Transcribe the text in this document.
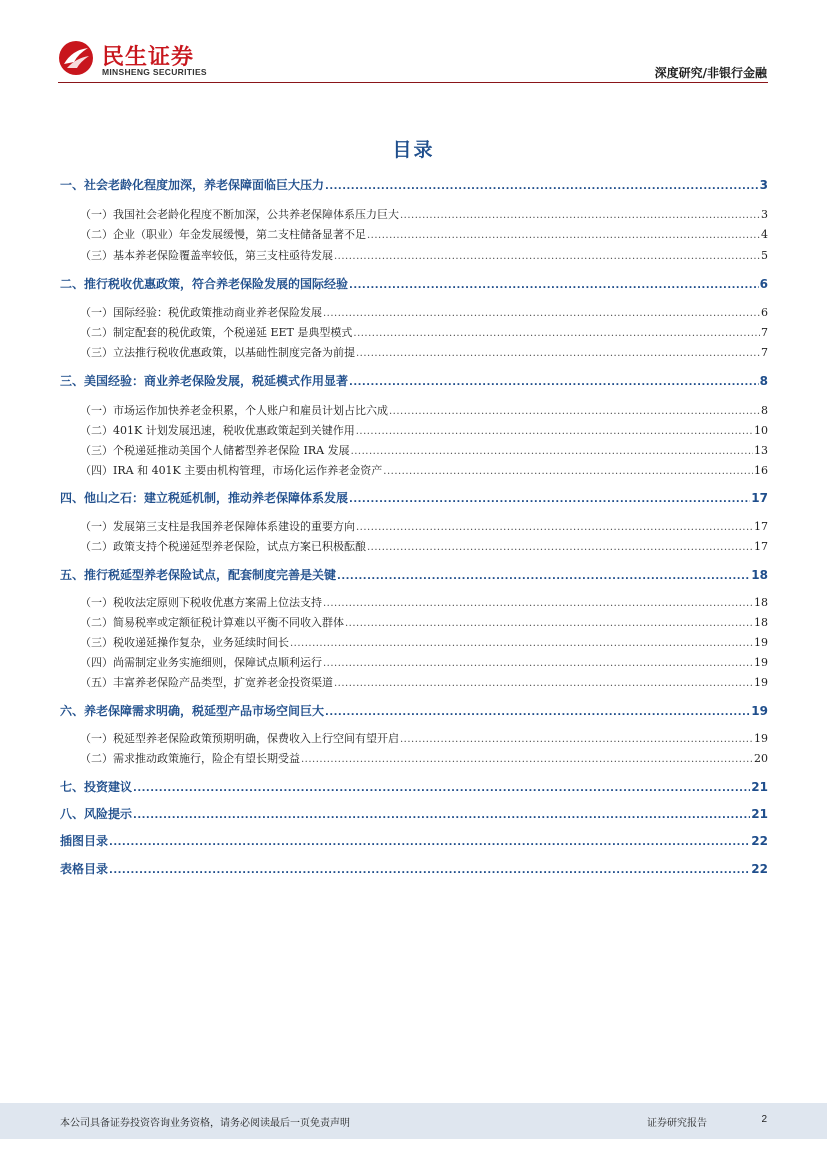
民生证券
MINSHENG SECURITIES	深度研究/非银行金融
目录
一、社会老龄化程度加深，养老保障面临巨大压力 .....	3
（一）我国社会老龄化程度不断加深，公共养老保障体系压力巨大 .....	3
（二）企业（职业）年金发展缓慢，第二支柱储备显著不足 .....	4
（三）基本养老保险覆盖率较低，第三支柱亟待发展 .....	5
二、推行税收优惠政策，符合养老保险发展的国际经验 .....	6
（一）国际经验：税优政策推动商业养老保险发展 .....	6
（二）制定配套的税优政策，个税递延 EET 是典型模式 .....	7
（三）立法推行税收优惠政策，以基础性制度完备为前提 .....	7
三、美国经验：商业养老保险发展，税延模式作用显著 .....	8
（一）市场运作加快养老金积累，个人账户和雇员计划占比六成 .....	8
（二）401K 计划发展迅速，税收优惠政策起到关键作用 .....	10
（三）个税递延推动美国个人储蓄型养老保险 IRA 发展 .....	13
（四）IRA 和 401K 主要由机构管理，市场化运作养老金资产 .....	16
四、他山之石：建立税延机制，推动养老保障体系发展 .....	17
（一）发展第三支柱是我国养老保障体系建设的重要方向 .....	17
（二）政策支持个税递延型养老保险，试点方案已积极酝酿 .....	17
五、推行税延型养老保险试点，配套制度完善是关键 .....	18
（一）税收法定原则下税收优惠方案需上位法支持 .....	18
（二）简易税率或定额征税计算难以平衡不同收入群体 .....	18
（三）税收递延操作复杂，业务延续时间长 .....	19
（四）尚需制定业务实施细则，保障试点顺利运行 .....	19
（五）丰富养老保险产品类型，扩宽养老金投资渠道 .....	19
六、养老保障需求明确，税延型产品市场空间巨大 .....	19
（一）税延型养老保险政策预期明确，保费收入上行空间有望开启 .....	19
（二）需求推动政策施行，险企有望长期受益 .....	20
七、投资建议 .....	21
八、风险提示 .....	21
插图目录 .....	22
表格目录 .....	22
本公司具备证券投资咨询业务资格，请务必阅读最后一页免责声明	证券研究报告	2
